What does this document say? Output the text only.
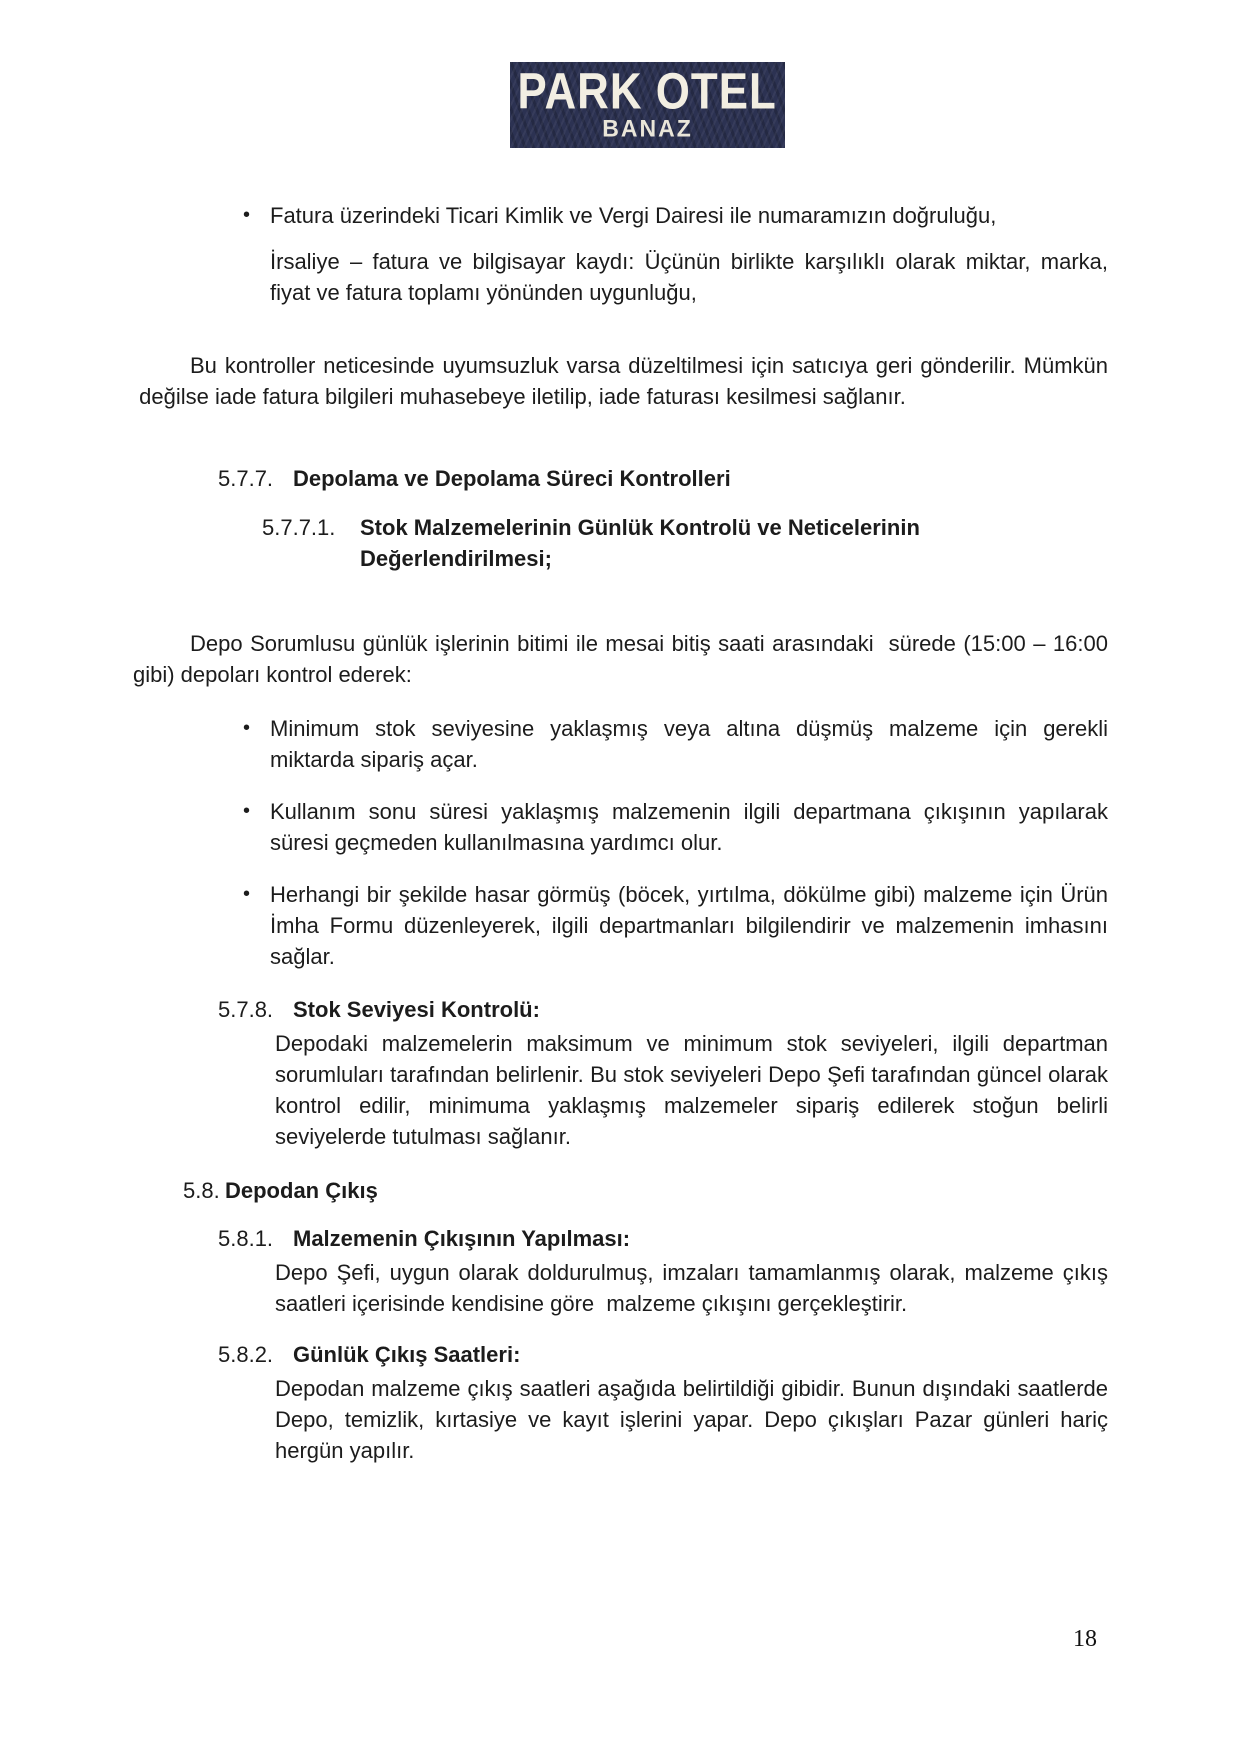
PARK OTEL
BANAZ
• Fatura üzerindeki Ticari Kimlik ve Vergi Dairesi ile numaramızın doğruluğu,
İrsaliye – fatura ve bilgisayar kaydı: Üçünün birlikte karşılıklı olarak miktar, marka, fiyat ve fatura toplamı yönünden uygunluğu,
Bu kontroller neticesinde uyumsuzluk varsa düzeltilmesi için satıcıya geri gönderilir. Mümkün  değilse iade fatura bilgileri muhasebeye iletilip, iade faturası kesilmesi sağlanır.
5.7.7. Depolama ve Depolama Süreci Kontrolleri
5.7.7.1.	Stok Malzemelerinin Günlük Kontrolü ve Neticelerinin Değerlendirilmesi;
Depo Sorumlusu günlük işlerinin bitimi ile mesai bitiş saati arasındaki  sürede (15:00 – 16:00 gibi) depoları kontrol ederek:
• Minimum stok seviyesine yaklaşmış veya altına düşmüş malzeme için gerekli miktarda sipariş açar.
• Kullanım sonu süresi yaklaşmış malzemenin ilgili departmana çıkışının yapılarak süresi geçmeden kullanılmasına yardımcı olur.
• Herhangi bir şekilde hasar görmüş (böcek, yırtılma, dökülme gibi) malzeme için Ürün İmha Formu düzenleyerek, ilgili departmanları bilgilendirir ve malzemenin imhasını sağlar.
5.7.8. Stok Seviyesi Kontrolü:
Depodaki malzemelerin maksimum ve minimum stok seviyeleri, ilgili departman sorumluları tarafından belirlenir. Bu stok seviyeleri Depo Şefi tarafından güncel olarak kontrol edilir, minimuma yaklaşmış malzemeler sipariş edilerek stoğun belirli seviyelerde tutulması sağlanır.
5.8. Depodan Çıkış
5.8.1. Malzemenin Çıkışının Yapılması:
Depo Şefi, uygun olarak doldurulmuş, imzaları tamamlanmış olarak, malzeme çıkış saatleri içerisinde kendisine göre  malzeme çıkışını gerçekleştirir.
5.8.2. Günlük Çıkış Saatleri:
Depodan malzeme çıkış saatleri aşağıda belirtildiği gibidir. Bunun dışındaki saatlerde Depo, temizlik, kırtasiye ve kayıt işlerini yapar. Depo çıkışları Pazar günleri hariç hergün yapılır.
18
